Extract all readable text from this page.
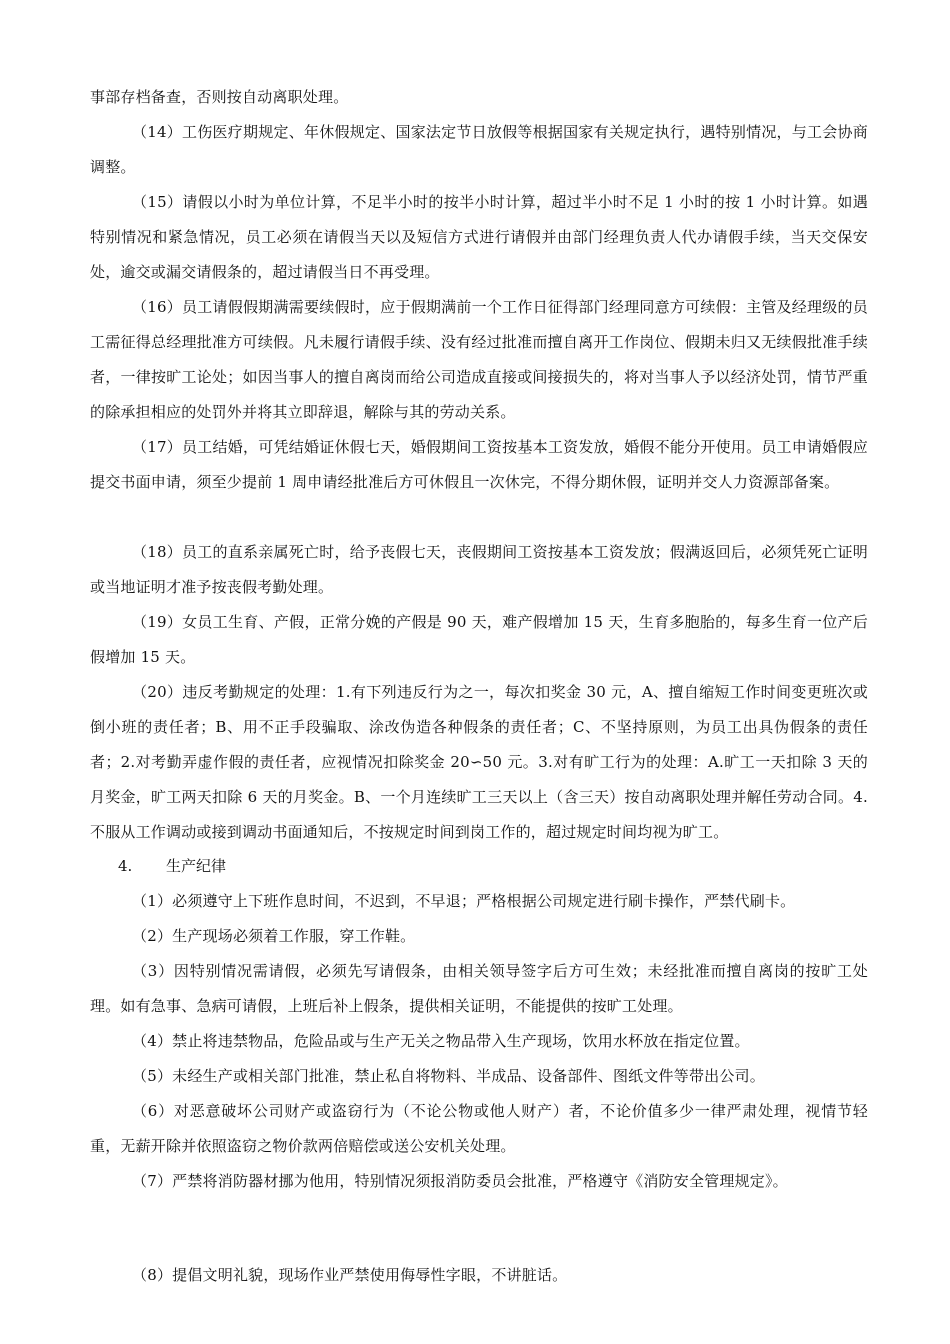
事部存档备查，否则按自动离职处理。

（14）工伤医疗期规定、年休假规定、国家法定节日放假等根据国家有关规定执行，遇特别情况，与工会协商调整。

（15）请假以小时为单位计算，不足半小时的按半小时计算，超过半小时不足 1 小时的按 1 小时计算。如遇特别情况和紧急情况，员工必须在请假当天以及短信方式进行请假并由部门经理负责人代办请假手续，当天交保安处，逾交或漏交请假条的，超过请假当日不再受理。

（16）员工请假假期满需要续假时，应于假期满前一个工作日征得部门经理同意方可续假：主管及经理级的员工需征得总经理批准方可续假。凡未履行请假手续、没有经过批准而擅自离开工作岗位、假期未归又无续假批准手续者，一律按旷工论处；如因当事人的擅自离岗而给公司造成直接或间接损失的，将对当事人予以经济处罚，情节严重的除承担相应的处罚外并将其立即辞退，解除与其的劳动关系。

（17）员工结婚，可凭结婚证休假七天，婚假期间工资按基本工资发放，婚假不能分开使用。员工申请婚假应提交书面申请，须至少提前 1 周申请经批准后方可休假且一次休完，不得分期休假，证明并交人力资源部备案。

（18）员工的直系亲属死亡时，给予丧假七天，丧假期间工资按基本工资发放；假满返回后，必须凭死亡证明或当地证明才准予按丧假考勤处理。

（19）女员工生育、产假，正常分娩的产假是 90 天，难产假增加 15 天，生育多胞胎的，每多生育一位产后假增加 15 天。

（20）违反考勤规定的处理：1.有下列违反行为之一，每次扣奖金 30 元，A、擅自缩短工作时间变更班次或倒小班的责任者；B、用不正手段骗取、涂改伪造各种假条的责任者；C、不坚持原则，为员工出具伪假条的责任者；2.对考勤弄虚作假的责任者，应视情况扣除奖金 20∽50 元。3.对有旷工行为的处理：A.旷工一天扣除 3 天的月奖金，旷工两天扣除 6 天的月奖金。B、一个月连续旷工三天以上（含三天）按自动离职处理并解任劳动合同。4.不服从工作调动或接到调动书面通知后，不按规定时间到岗工作的，超过规定时间均视为旷工。

4. 生产纪律

（1）必须遵守上下班作息时间，不迟到，不早退；严格根据公司规定进行刷卡操作，严禁代刷卡。

（2）生产现场必须着工作服，穿工作鞋。

（3）因特别情况需请假，必须先写请假条，由相关领导签字后方可生效；未经批准而擅自离岗的按旷工处理。如有急事、急病可请假，上班后补上假条，提供相关证明，不能提供的按旷工处理。

（4）禁止将违禁物品，危险品或与生产无关之物品带入生产现场，饮用水杯放在指定位置。

（5）未经生产或相关部门批准，禁止私自将物料、半成品、设备部件、图纸文件等带出公司。

（6）对恶意破坏公司财产或盗窃行为（不论公物或他人财产）者，不论价值多少一律严肃处理，视情节轻重，无薪开除并依照盗窃之物价款两倍赔偿或送公安机关处理。

（7）严禁将消防器材挪为他用，特别情况须报消防委员会批准，严格遵守《消防安全管理规定》。

（8）提倡文明礼貌，现场作业严禁使用侮辱性字眼，不讲脏话。
